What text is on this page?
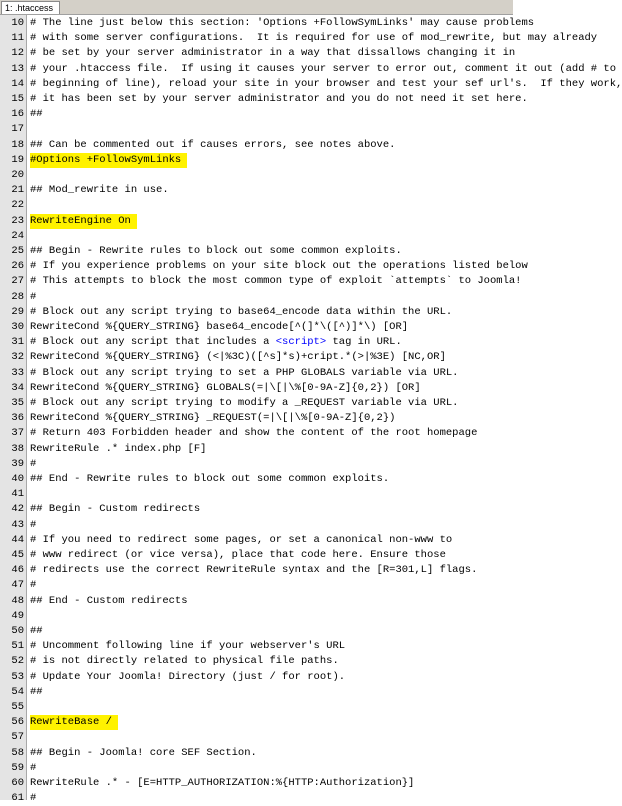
1: .htaccess
10 # The line just below this section: 'Options +FollowSymLinks' may cause problems
11 # with some server configurations.  It is required for use of mod_rewrite, but may already
12 # be set by your server administrator in a way that dissallows changing it in
13 # your .htaccess file.  If using it causes your server to error out, comment it out (add # to
14 # beginning of line), reload your site in your browser and test your sef url's.  If they work,
15 # it has been set by your server administrator and you do not need it set here.
16 ##
17
18 ## Can be commented out if causes errors, see notes above.
19 #Options +FollowSymLinks
20
21 ## Mod_rewrite in use.
22
23 RewriteEngine On
24
25 ## Begin - Rewrite rules to block out some common exploits.
26 # If you experience problems on your site block out the operations listed below
27 # This attempts to block the most common type of exploit `attempts` to Joomla!
28 #
29 # Block out any script trying to base64_encode data within the URL.
30 RewriteCond %{QUERY_STRING} base64_encode[^(]*\([^)]*\) [OR]
31 # Block out any script that includes a <script> tag in URL.
32 RewriteCond %{QUERY_STRING} (<|%3C)([^s]*s)+cript.*(>|%3E) [NC,OR]
33 # Block out any script trying to set a PHP GLOBALS variable via URL.
34 RewriteCond %{QUERY_STRING} GLOBALS(=|\[|\%[0-9A-Z]{0,2}) [OR]
35 # Block out any script trying to modify a _REQUEST variable via URL.
36 RewriteCond %{QUERY_STRING} _REQUEST(=|\[|\%[0-9A-Z]{0,2})
37 # Return 403 Forbidden header and show the content of the root homepage
38 RewriteRule .* index.php [F]
39 #
40 ## End - Rewrite rules to block out some common exploits.
41
42 ## Begin - Custom redirects
43 #
44 # If you need to redirect some pages, or set a canonical non-www to
45 # www redirect (or vice versa), place that code here. Ensure those
46 # redirects use the correct RewriteRule syntax and the [R=301,L] flags.
47 #
48 ## End - Custom redirects
49
50 ##
51 # Uncomment following line if your webserver's URL
52 # is not directly related to physical file paths.
53 # Update Your Joomla! Directory (just / for root).
54 ##
55
56 RewriteBase /
57
58 ## Begin - Joomla! core SEF Section.
59 #
60 RewriteRule .* - [E=HTTP_AUTHORIZATION:%{HTTP:Authorization}]
61 #
